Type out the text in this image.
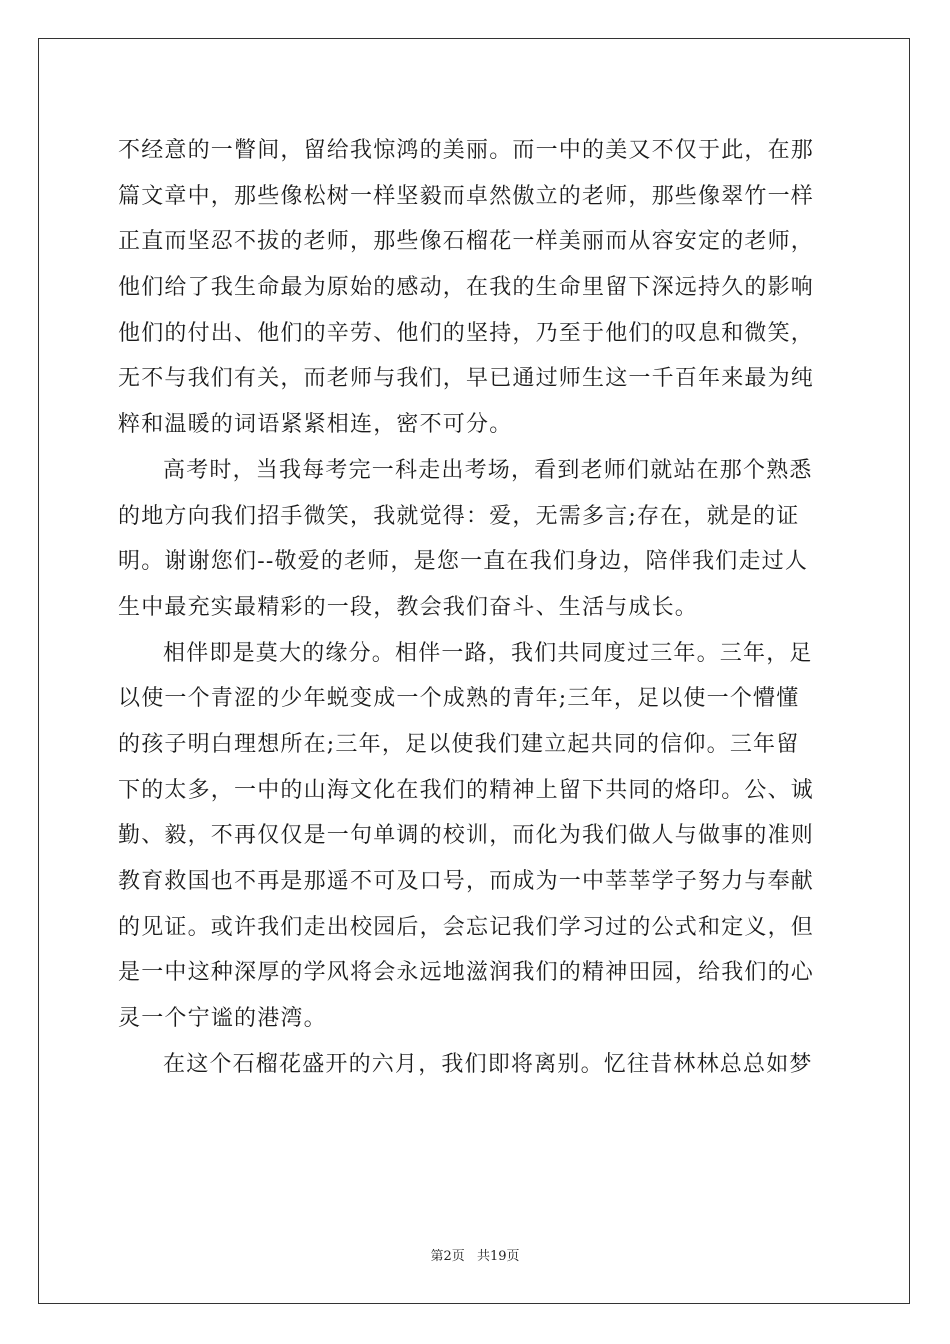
不经意的一瞥间，留给我惊鸿的美丽。而一中的美又不仅于此，在那
篇文章中，那些像松树一样坚毅而卓然傲立的老师，那些像翠竹一样
正直而坚忍不拔的老师，那些像石榴花一样美丽而从容安定的老师，
他们给了我生命最为原始的感动，在我的生命里留下深远持久的影响
他们的付出、他们的辛劳、他们的坚持，乃至于他们的叹息和微笑，
无不与我们有关，而老师与我们，早已通过师生这一千百年来最为纯
粹和温暖的词语紧紧相连，密不可分。
高考时，当我每考完一科走出考场，看到老师们就站在那个熟悉
的地方向我们招手微笑，我就觉得：爱，无需多言;存在，就是的证
明。谢谢您们--敬爱的老师，是您一直在我们身边，陪伴我们走过人
生中最充实最精彩的一段，教会我们奋斗、生活与成长。
相伴即是莫大的缘分。相伴一路，我们共同度过三年。三年，足
以使一个青涩的少年蜕变成一个成熟的青年;三年，足以使一个懵懂
的孩子明白理想所在;三年，足以使我们建立起共同的信仰。三年留
下的太多，一中的山海文化在我们的精神上留下共同的烙印。公、诚
勤、毅，不再仅仅是一句单调的校训，而化为我们做人与做事的准则
教育救国也不再是那遥不可及口号，而成为一中莘莘学子努力与奉献
的见证。或许我们走出校园后，会忘记我们学习过的公式和定义，但
是一中这种深厚的学风将会永远地滋润我们的精神田园，给我们的心
灵一个宁谧的港湾。
在这个石榴花盛开的六月，我们即将离别。忆往昔林林总总如梦
第2页 共19页
